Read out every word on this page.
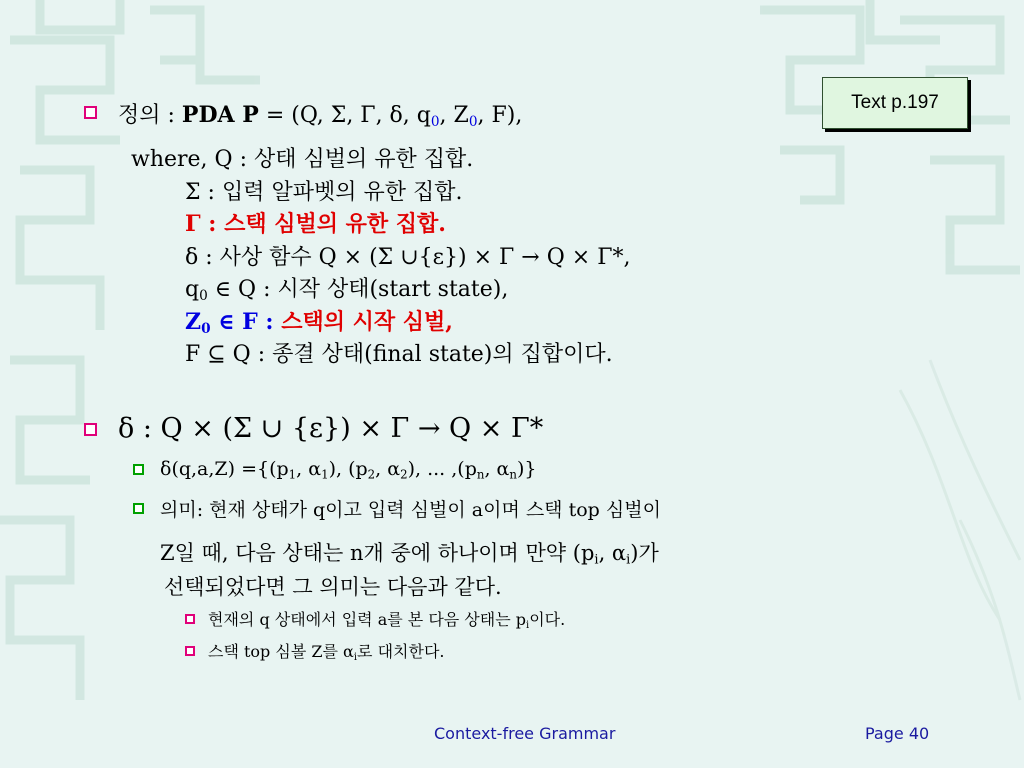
Text p.197
정의 : PDA P = (Q, Σ, Γ, δ, $q_0$, $Z_0$, F),
where, Q : 상태 심벌의 유한 집합.
Σ : 입력 알파벳의 유한 집합.
Γ : 스택 심벌의 유한 집합.
δ : 사상 함수 Q × (Σ ∪{ε}) × Γ → Q × Γ*,
$q_0$ ∈ Q : 시작 상태(start state),
$Z_0$ ∈ F : 스택의 시작 심벌,
F ⊆ Q : 종결 상태(final state)의 집합이다.
δ : Q × (Σ ∪ {ε}) × Γ → Q × Γ*
$\delta(q,a,Z) =\{(p_1$, $\alpha_1$), ($p_2$, $\alpha_2$), ... $,(p_n$, $\alpha_n$)}
의미: 현재 상태가 q이고 입력 심벌이 a이며 스택 top 심벌이
Z일 때, 다음 상태는 n개 중에 하나이며 만약 ($p_i$, $\alpha_i$)가
선택되었다면 그 의미는 다음과 같다.
현재의 q 상태에서 입력 a를 본 다음 상태는 $p_i$이다.
스택 top 심볼 Z를 $\alpha_i$로 대치한다.
Context-free Grammar	Page 40
